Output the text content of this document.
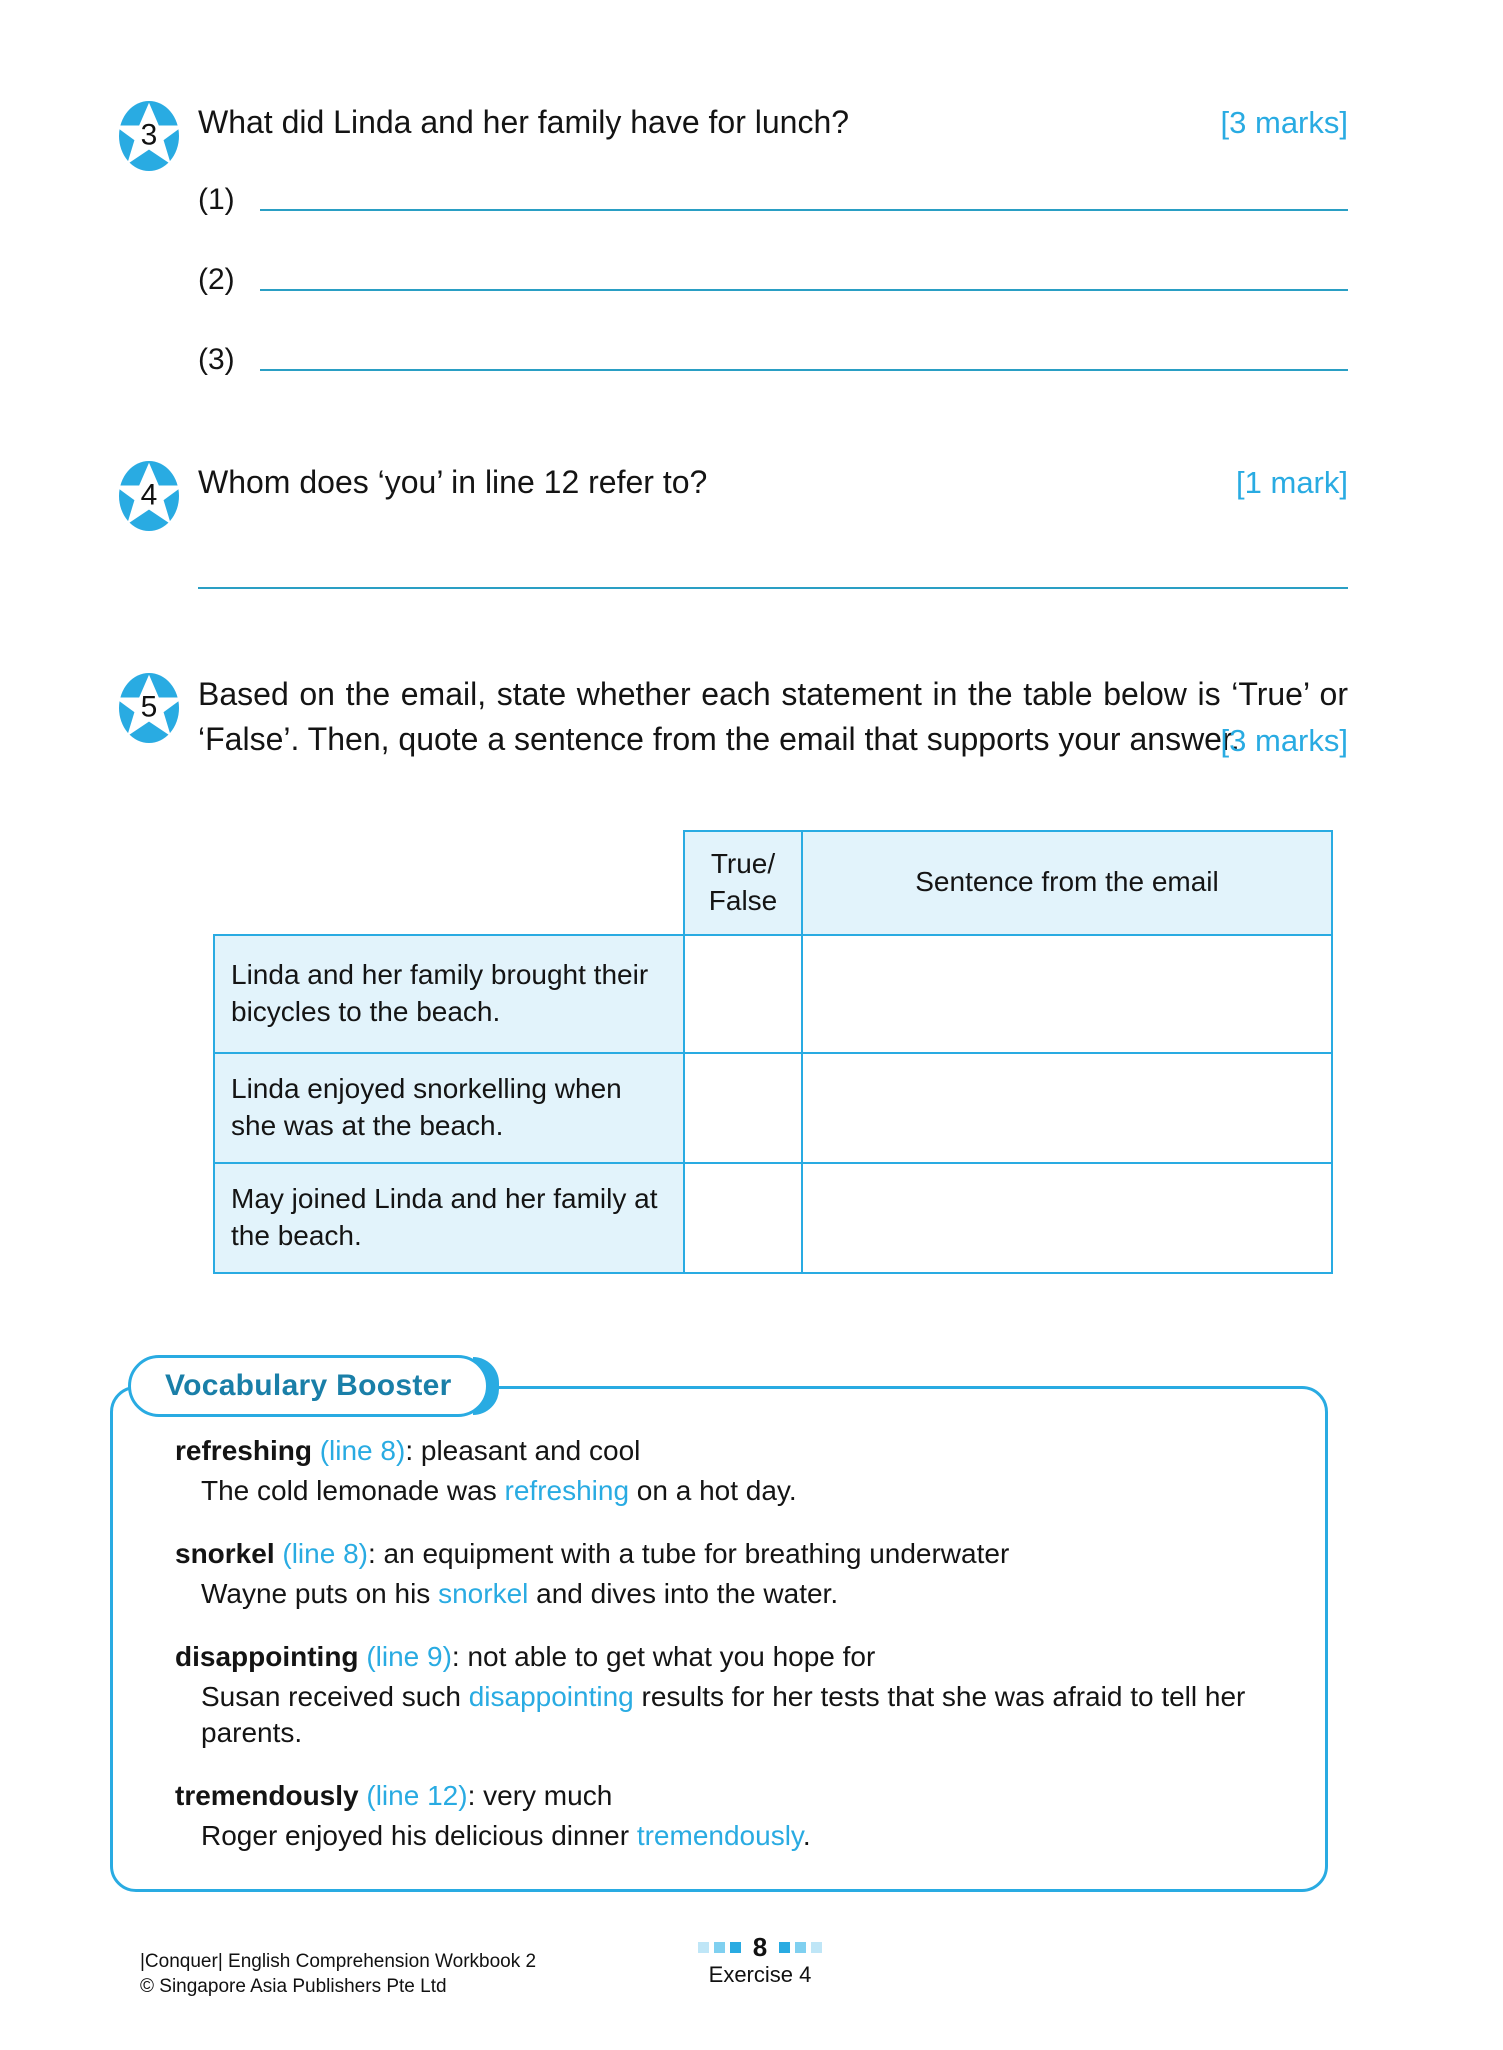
3	What did Linda and her family have for lunch?	[3 marks]
(1)
(2)
(3)
4	Whom does ‘you’ in line 12 refer to?	[1 mark]
5	Based on the email, state whether each statement in the table below is ‘True’ or ‘False’. Then, quote a sentence from the email that supports your answer.
[3 marks]
	True/
False	Sentence from the email
Linda and her family brought their bicycles to the beach.		
Linda enjoyed snorkelling when she was at the beach.		
May joined Linda and her family at the beach.		
Vocabulary Booster
refreshing (line 8): pleasant and cool
The cold lemonade was refreshing on a hot day.
snorkel (line 8): an equipment with a tube for breathing underwater
Wayne puts on his snorkel and dives into the water.
disappointing (line 9): not able to get what you hope for
Susan received such disappointing results for her tests that she was afraid to tell her parents.
tremendously (line 12): very much
Roger enjoyed his delicious dinner tremendously.
|Conquer| English Comprehension Workbook 2
© Singapore Asia Publishers Pte Ltd
8
Exercise 4
